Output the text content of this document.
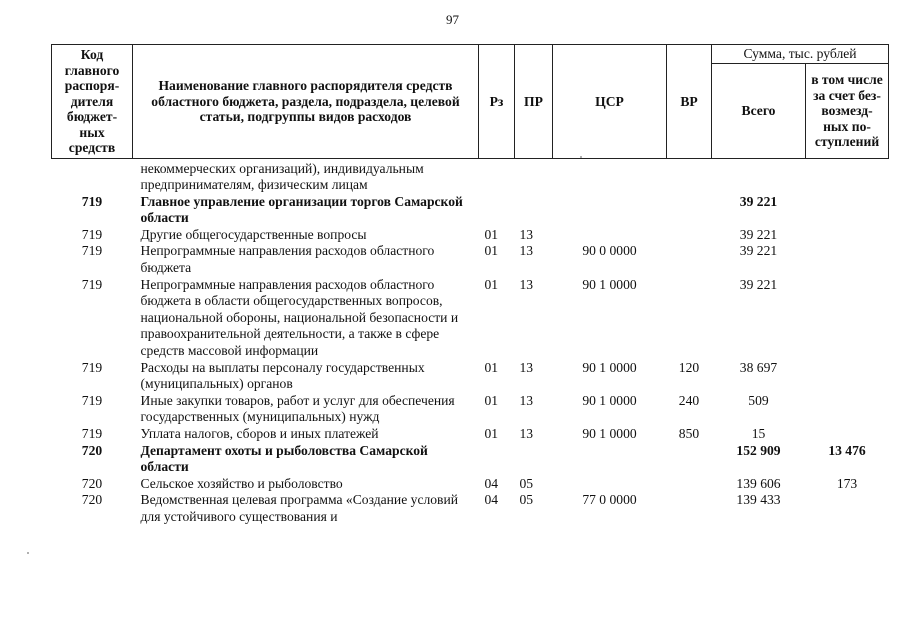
97
Код главного распоря-дителя бюджет-ных средств	Наименование главного распорядителя средств областного бюджета, раздела, подраздела, целевой статьи, подгруппы видов расходов	Рз	ПР	ЦСР	ВР	Сумма, тыс. рублей	
						Всего	в том числе за счет без-возмезд-ных по-ступлений
	некоммерческих организаций), индивидуальным предпринимателям, физическим лицам						
719	Главное управление организации торгов Самарской области					39 221	
719	Другие общегосударственные вопросы	01	13			39 221	
719	Непрограммные направления расходов областного бюджета	01	13	90 0 0000		39 221	
719	Непрограммные направления расходов областного бюджета в области общегосударственных вопросов, национальной обороны, национальной безопасности и правоохранительной деятельности, а также в сфере средств массовой информации	01	13	90 1 0000		39 221	
719	Расходы на выплаты персоналу государственных (муниципальных) органов	01	13	90 1 0000	120	38 697	
719	Иные закупки товаров, работ и услуг для обеспечения государственных (муниципальных) нужд	01	13	90 1 0000	240	509	
719	Уплата налогов, сборов и иных платежей	01	13	90 1 0000	850	15	
720	Департамент охоты и рыболовства Самарской области					152 909	13 476
720	Сельское хозяйство и рыболовство	04	05			139 606	173
720	Ведомственная целевая программа «Создание условий для устойчивого существования и	04	05	77 0 0000		139 433	
